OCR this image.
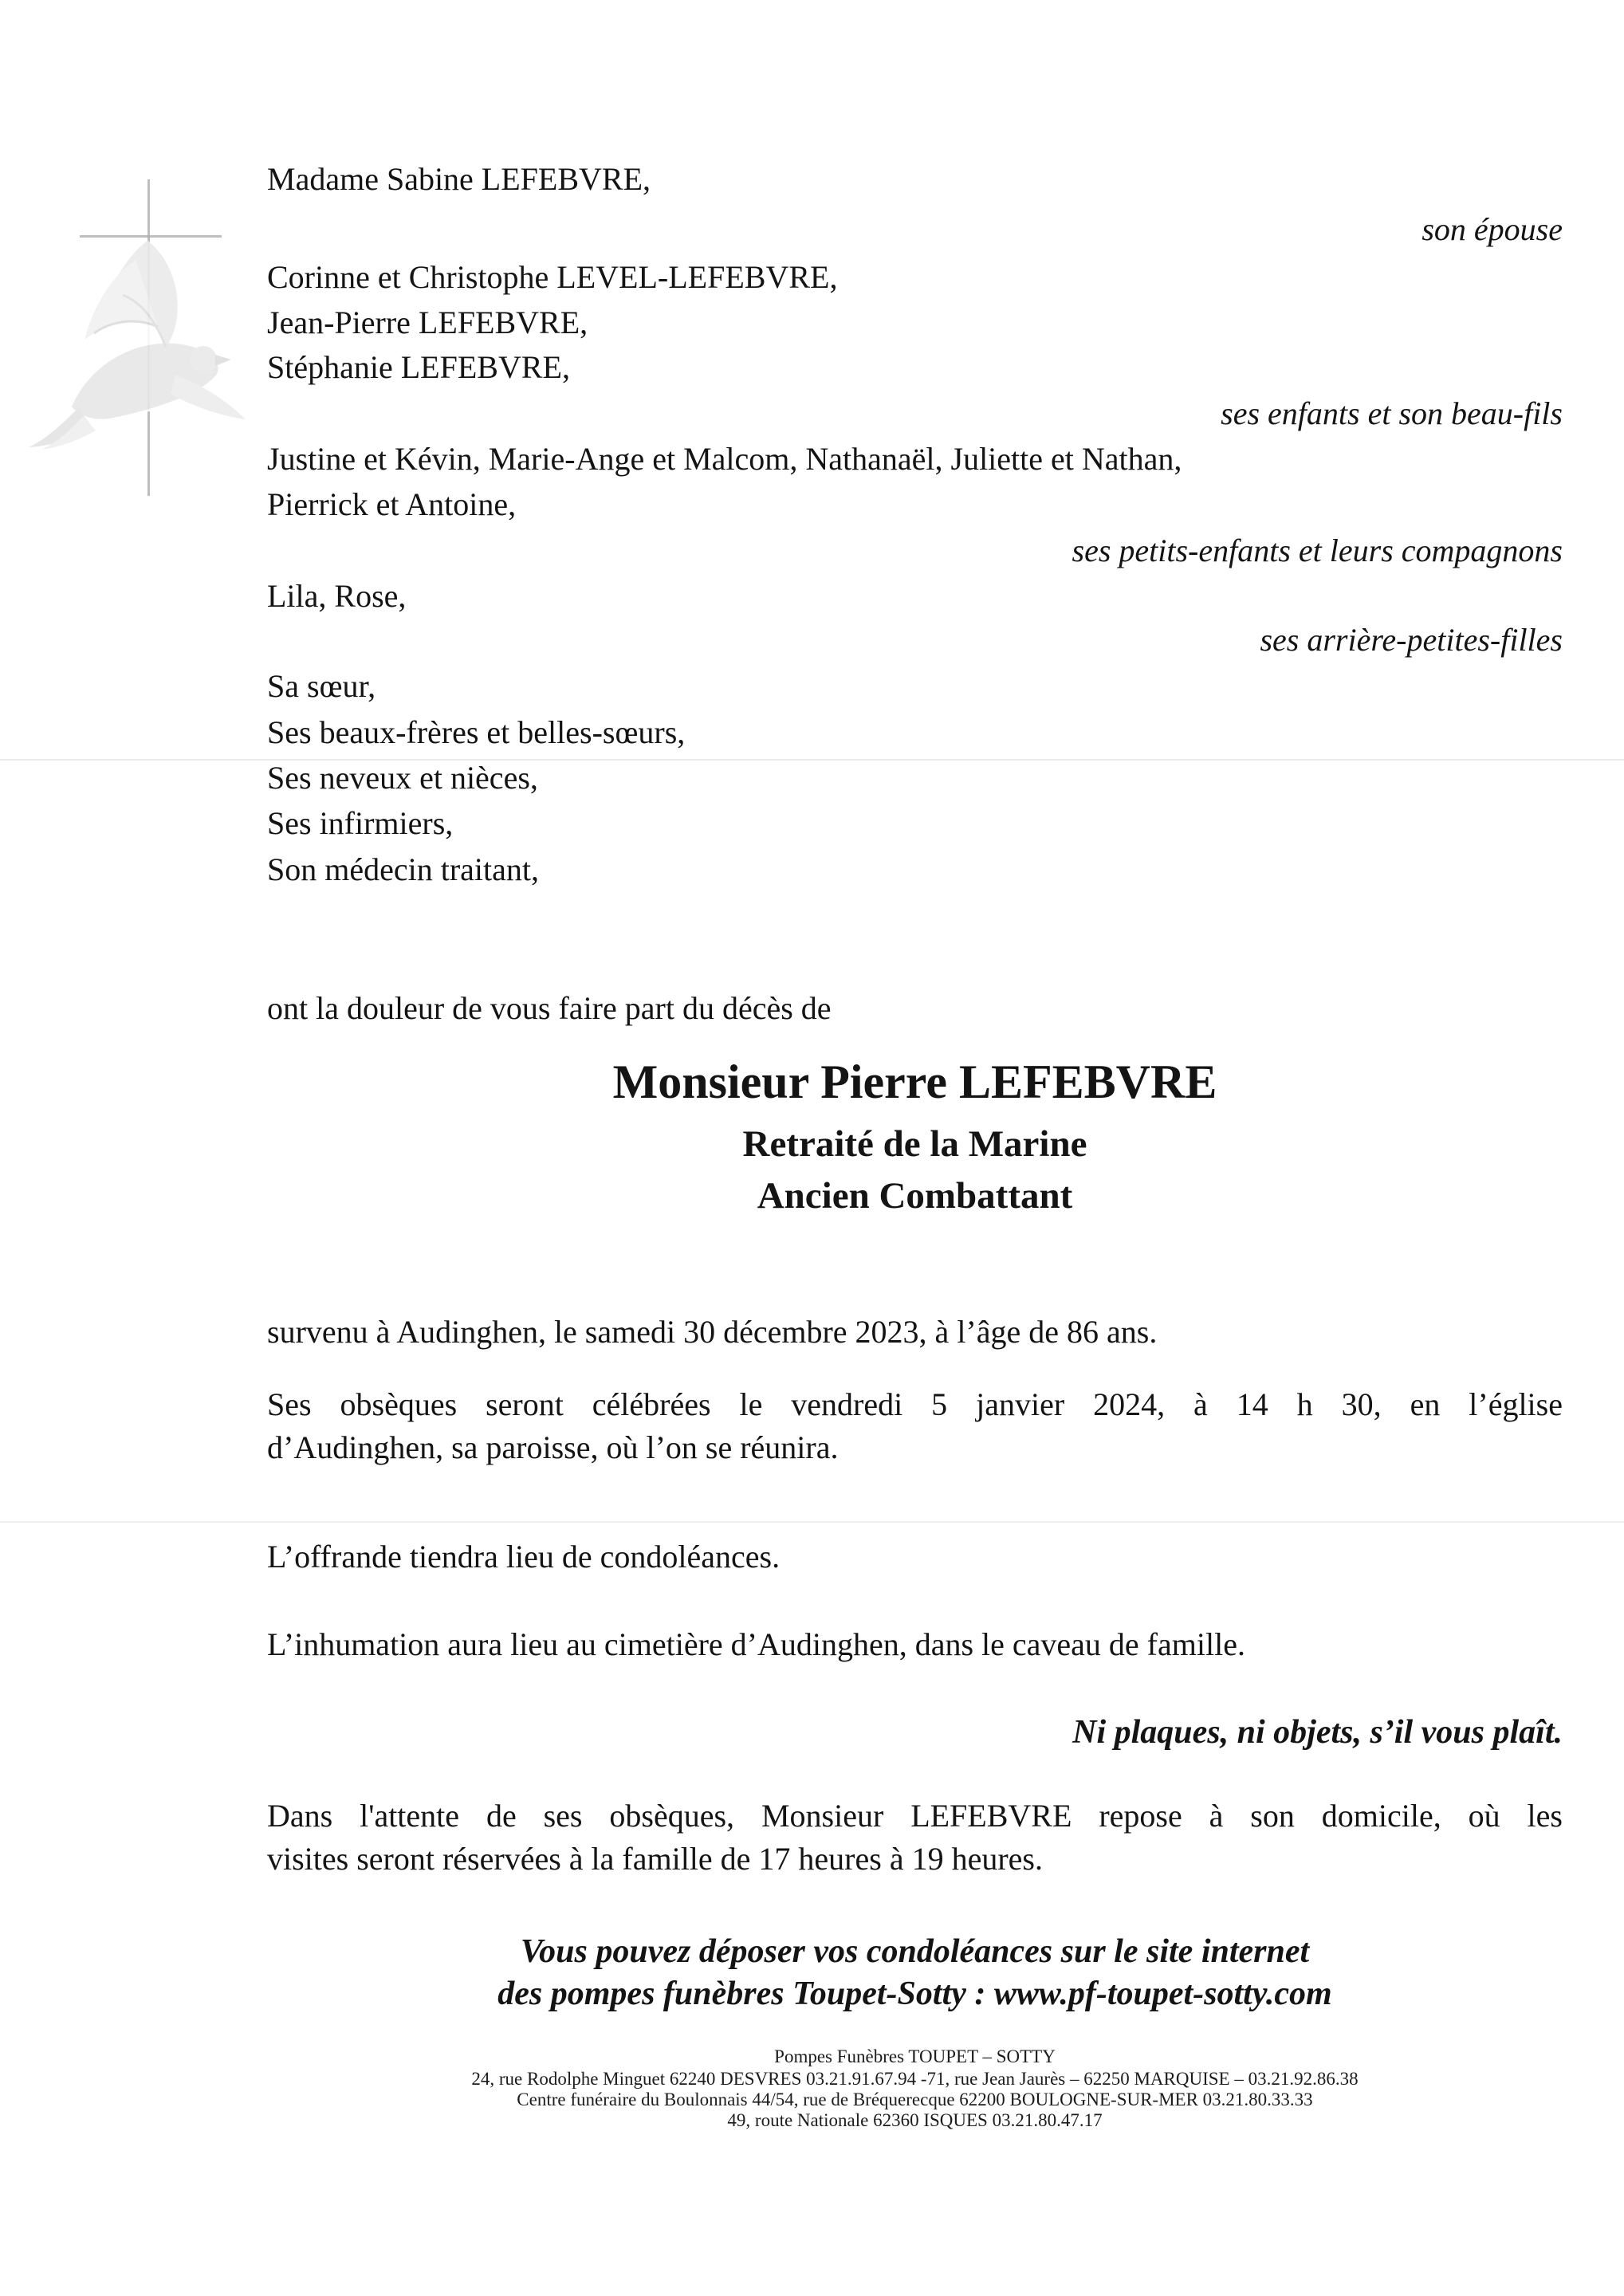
Madame Sabine LEFEBVRE,
son épouse
Corinne et Christophe LEVEL-LEFEBVRE,
Jean-Pierre LEFEBVRE,
Stéphanie LEFEBVRE,
ses enfants et son beau-fils
Justine et Kévin, Marie-Ange et Malcom, Nathanaël, Juliette et Nathan,
Pierrick et Antoine,
ses petits-enfants et leurs compagnons
Lila, Rose,
ses arrière-petites-filles
Sa sœur,
Ses beaux-frères et belles-sœurs,
Ses neveux et nièces,
Ses infirmiers,
Son médecin traitant,
ont la douleur de vous faire part du décès de
Monsieur Pierre LEFEBVRE
Retraité de la Marine
Ancien Combattant
survenu à Audinghen, le samedi 30 décembre 2023, à l’âge de 86 ans.
Ses obsèques seront célébrées le vendredi 5 janvier 2024, à 14 h 30, en l’église
d’Audinghen, sa paroisse, où l’on se réunira.
L’offrande tiendra lieu de condoléances.
L’inhumation aura lieu au cimetière d’Audinghen, dans le caveau de famille.
Ni plaques, ni objets, s’il vous plaît.
Dans l'attente de ses obsèques, Monsieur LEFEBVRE repose à son domicile, où les
visites seront réservées à la famille de 17 heures à 19 heures.
Vous pouvez déposer vos condoléances sur le site internet
des pompes funèbres Toupet-Sotty : www.pf-toupet-sotty.com
Pompes Funèbres TOUPET – SOTTY
24, rue Rodolphe Minguet 62240 DESVRES 03.21.91.67.94 -71, rue Jean Jaurès – 62250 MARQUISE – 03.21.92.86.38
Centre funéraire du Boulonnais 44/54, rue de Bréquerecque 62200 BOULOGNE-SUR-MER 03.21.80.33.33
49, route Nationale 62360 ISQUES 03.21.80.47.17
